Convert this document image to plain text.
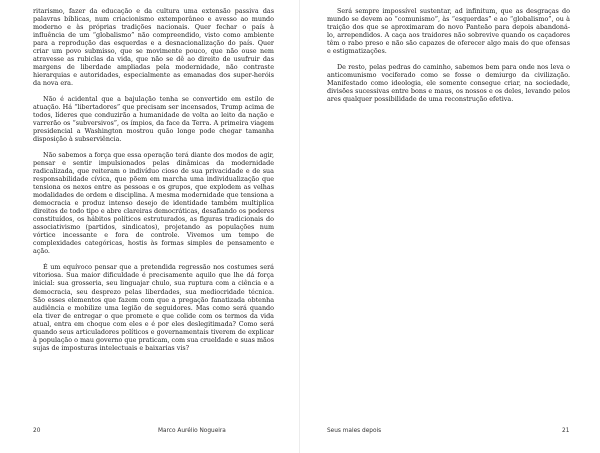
ritarismo, fazer da educação e da cultura uma extensão passiva das palavras bíblicas, num criacionismo extemporâneo e avesso ao mundo moderno e às próprias tradições nacionais. Quer fechar o país à influência de um “globalismo” não compreendido, visto como ambiente para a reprodução das esquerdas e a desnacionalização do país. Quer criar um povo submisso, que se movimente pouco, que não ouse nem atravesse as rubiclas da vida, que não se dê ao direito de usufruir das margens de liberdade ampliadas pela modernidade, não contraste hierarquias e autoridades, especialmente as emanadas dos super-heróis da nova era.

Não é acidental que a bajulação tenha se convertido em estilo de atuação. Há “libertadores” que precisam ser incensados, Trump acima de todos, líderes que conduzirão a humanidade de volta ao leito da nação e varrerão os “subversivos”, os ímpios, da face da Terra. A primeira viagem presidencial a Washington mostrou quão longe pode chegar tamanha disposição à subserviência.

Não sabemos a força que essa operação terá diante dos modos de agir, pensar e sentir impulsionados pelas dinâmicas da modernidade radicalizada, que reiteram o indivíduo cioso de sua privacidade e de sua responsabilidade cívica, que põem em marcha uma individualização que tensiona os nexos entre as pessoas e os grupos, que explodem as velhas modalidades de ordem e disciplina. A mesma modernidade que tensiona a democracia e produz intenso desejo de identidade também multiplica direitos de todo tipo e abre clareiras democráticas, desafiando os poderes constituídos, os hábitos políticos estruturados, as figuras tradicionais do associativismo (partidos, sindicatos), projetando as populações num vórtice incessante e fora de controle. Vivemos um tempo de complexidades categóricas, hostis às formas simples de pensamento e ação.

É um equívoco pensar que a pretendida regressão nos costumes será vitoriosa. Sua maior dificuldade é precisamente aquilo que lhe dá força inicial: sua grosseria, seu linguajar chulo, sua ruptura com a ciência e a democracia, seu desprezo pelas liberdades, sua mediocridade técnica. São esses elementos que fazem com que a pregação fanatizada obtenha audiência e mobilize uma legião de seguidores. Mas como será quando ela tiver de entregar o que promete e que colide com os termos da vida atual, entra em choque com eles e é por eles deslegitimada? Como será quando seus articuladores políticos e governamentais tiverem de explicar à população o mau governo que praticam, com sua crueldade e suas mãos sujas de imposturas intelectuais e baixarias vis?

20	Marco Aurélio Nogueira

Será sempre impossível sustentar, ad infinitum, que as desgraças do mundo se devem ao “comunismo”, às “esquerdas” e ao “globalismo”, ou à traição dos que se aproximaram do novo Panteão para depois abandoná-lo, arrependidos. A caça aos traidores não sobrevive quando os caçadores têm o rabo preso e não são capazes de oferecer algo mais do que ofensas e estigmatizações.

De resto, pelas pedras do caminho, sabemos bem para onde nos leva o anticomunismo vociferado como se fosse o demiurgo da civilização. Manifestado como ideologia, ele somente consegue criar, na sociedade, divisões sucessivas entre bons e maus, os nossos e os deles, levando pelos ares qualquer possibilidade de uma reconstrução efetiva.

Seus males depois	21
